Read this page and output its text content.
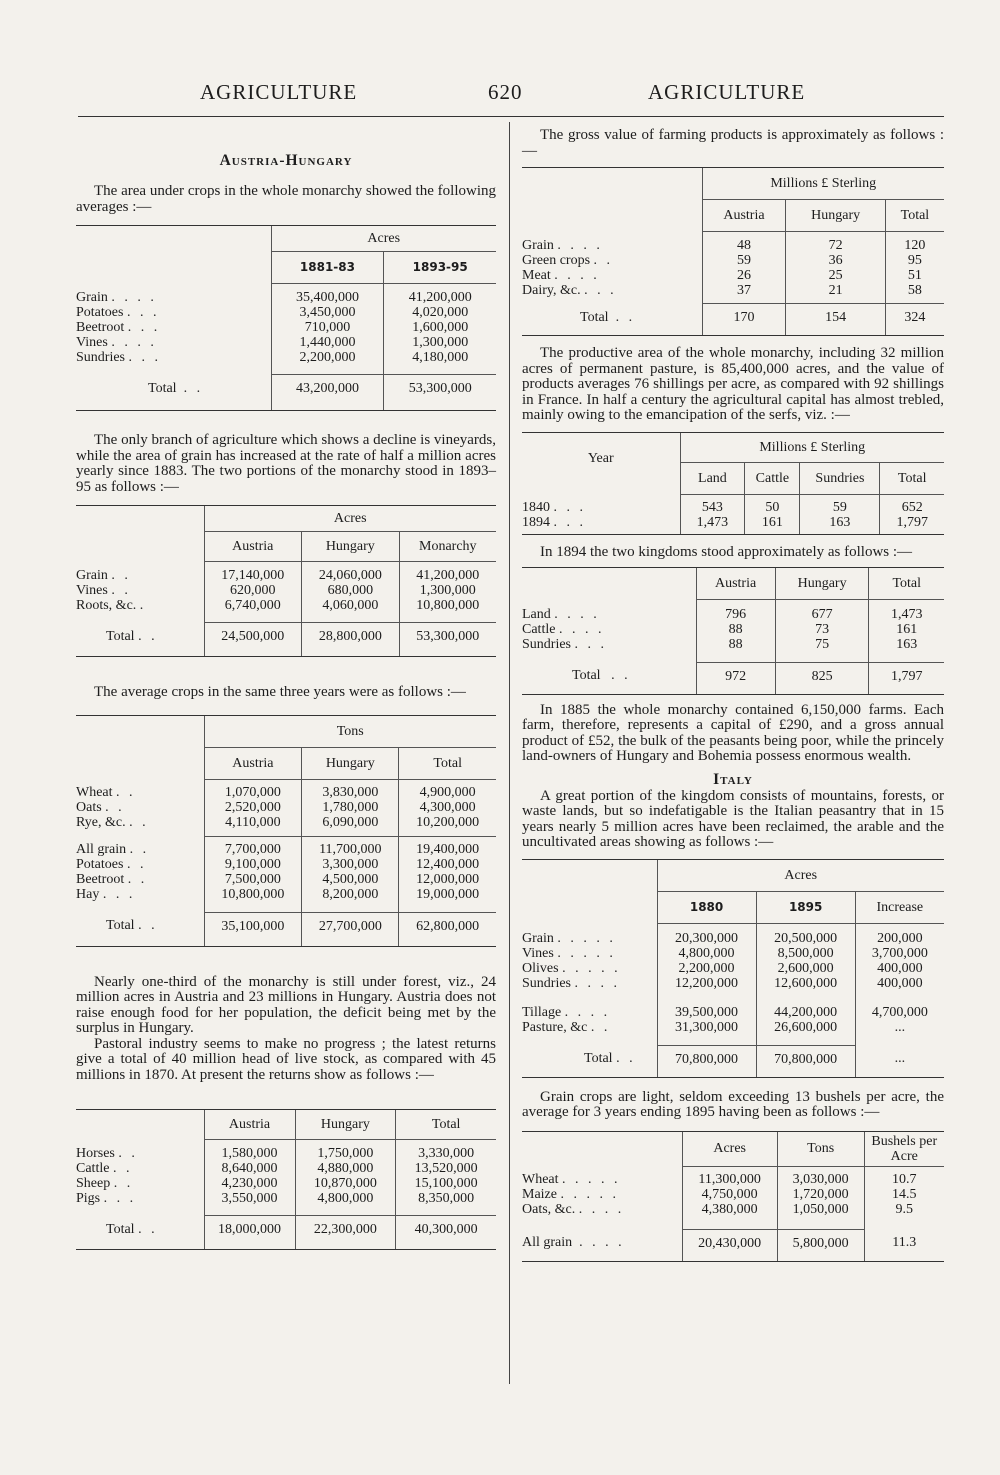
AGRICULTURE	620	AGRICULTURE
Austria-Hungary

The area under crops in the whole monarchy showed the following averages :—

	Acres	
	1881-83	1893-95

Grain . . . .	35,400,000	41,200,000
Potatoes . . .	3,450,000	4,020,000
Beetroot . . .	710,000	1,600,000
Vines . . . .	1,440,000	1,300,000
Sundries . . .	2,200,000	4,180,000

Total . .	43,200,000	53,300,000

The only branch of agriculture which shows a decline is vineyards, while the area of grain has increased at the rate of half a million acres yearly since 1883. The two portions of the monarchy stood in 1893–95 as follows :—

	Acres		
	Austria	Hungary	Monarchy

Grain . .	17,140,000	24,060,000	41,200,000
Vines . .	620,000	680,000	1,300,000
Roots, &c. .	6,740,000	4,060,000	10,800,000

Total . .	24,500,000	28,800,000	53,300,000

The average crops in the same three years were as follows :—

	Tons		
	Austria	Hungary	Total

Wheat . .	1,070,000	3,830,000	4,900,000
Oats . .	2,520,000	1,780,000	4,300,000
Rye, &c. . .	4,110,000	6,090,000	10,200,000

All grain . .	7,700,000	11,700,000	19,400,000
Potatoes . .	9,100,000	3,300,000	12,400,000
Beetroot . .	7,500,000	4,500,000	12,000,000
Hay . . .	10,800,000	8,200,000	19,000,000

Total . .	35,100,000	27,700,000	62,800,000

Nearly one-third of the monarchy is still under forest, viz., 24 million acres in Austria and 23 millions in Hungary. Austria does not raise enough food for her population, the deficit being met by the surplus in Hungary.

Pastoral industry seems to make no progress ; the latest returns give a total of 40 million head of live stock, as compared with 45 millions in 1870. At present the returns show as follows :—

	Austria	Hungary	Total

Horses . .	1,580,000	1,750,000	3,330,000
Cattle . .	8,640,000	4,880,000	13,520,000
Sheep . .	4,230,000	10,870,000	15,100,000
Pigs . . .	3,550,000	4,800,000	8,350,000

Total . .	18,000,000	22,300,000	40,300,000

The gross value of farming products is approximately as follows :—

	Millions £ Sterling		
	Austria	Hungary	Total

Grain . . . .	48	72	120
Green crops . .	59	36	95
Meat . . . .	26	25	51
Dairy, &c. . . .	37	21	58

Total . .	170	154	324

The productive area of the whole monarchy, including 32 million acres of permanent pasture, is 85,400,000 acres, and the value of products averages 76 shillings per acre, as compared with 92 shillings in France. In half a century the agricultural capital has almost trebled, mainly owing to the emancipation of the serfs, viz. :—

Year	Millions £ Sterling			
	Land	Cattle	Sundries	Total

1840 . . .	543	50	59	652
1894 . . .	1,473	161	163	1,797

In 1894 the two kingdoms stood approximately as follows :—

	Austria	Hungary	Total

Land . . . .	796	677	1,473
Cattle . . . .	88	73	161
Sundries . . .	88	75	163

Total . .	972	825	1,797

In 1885 the whole monarchy contained 6,150,000 farms. Each farm, therefore, represents a capital of £290, and a gross annual product of £52, the bulk of the peasants being poor, while the princely land-owners of Hungary and Bohemia possess enormous wealth.

Italy

A great portion of the kingdom consists of mountains, forests, or waste lands, but so indefatigable is the Italian peasantry that in 15 years nearly 5 million acres have been reclaimed, the arable and the uncultivated areas showing as follows :—

	Acres		
	1880	1895	Increase

Grain . . . . .	20,300,000	20,500,000	200,000
Vines . . . . .	4,800,000	8,500,000	3,700,000
Olives . . . . .	2,200,000	2,600,000	400,000
Sundries . . . .	12,200,000	12,600,000	400,000

Tillage . . . .	39,500,000	44,200,000	4,700,000
Pasture, &c . .	31,300,000	26,600,000	...

Total . .	70,800,000	70,800,000	...

Grain crops are light, seldom exceeding 13 bushels per acre, the average for 3 years ending 1895 having been as follows :—

	Acres	Tons	Bushels per Acre

Wheat . . . . .	11,300,000	3,030,000	10.7
Maize . . . . .	4,750,000	1,720,000	14.5
Oats, &c. . . . .	4,380,000	1,050,000	9.5

All grain . . . .	20,430,000	5,800,000	11.3
